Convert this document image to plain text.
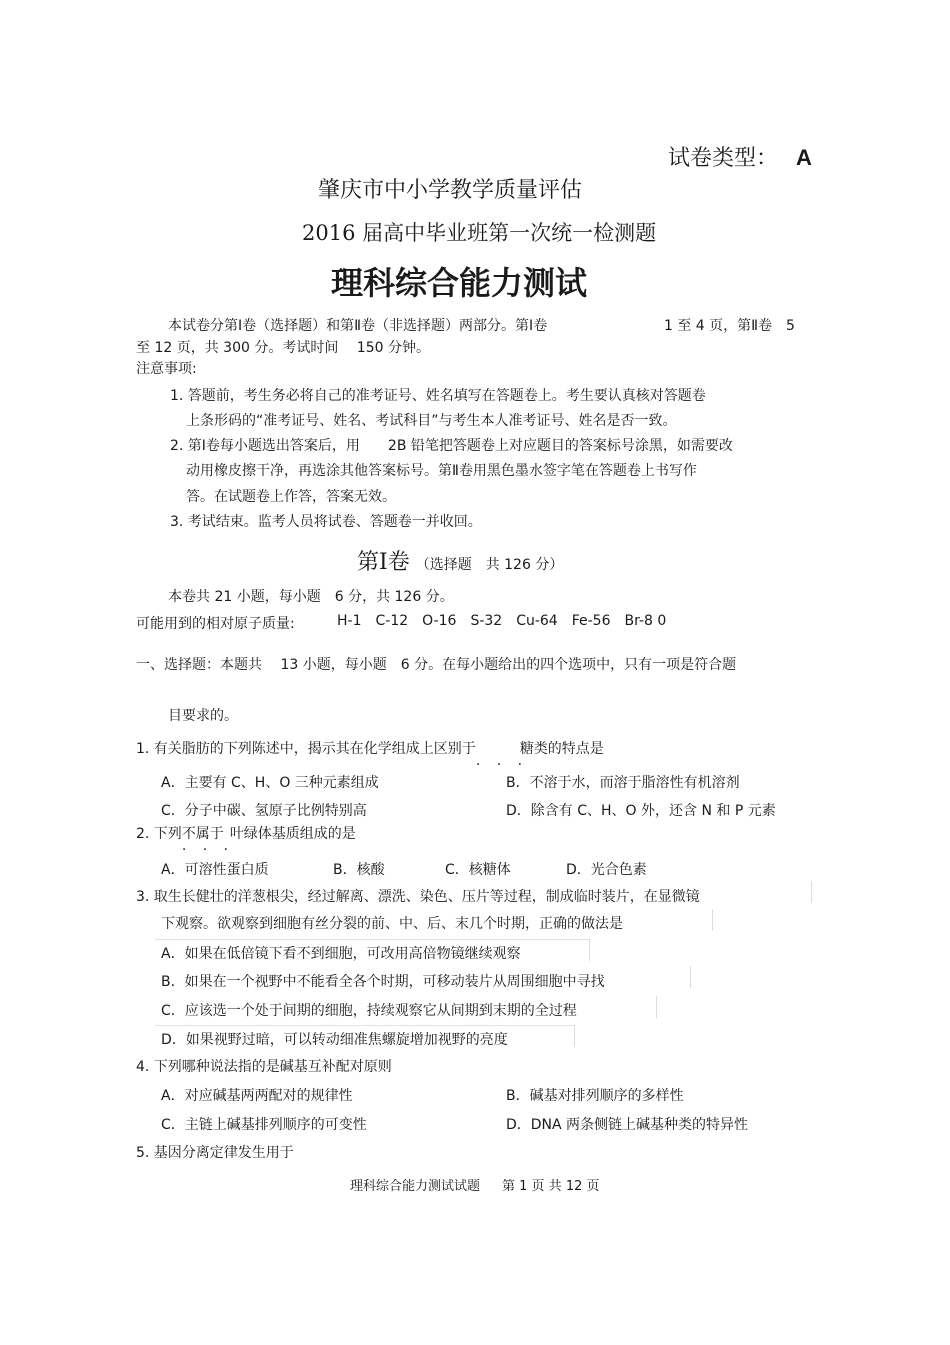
试卷类型： A
肇庆市中小学教学质量评估
2016 届高中毕业班第一次统一检测题
理科综合能力测试
本试卷分第Ⅰ卷（选择题）和第Ⅱ卷（非选择题）两部分。第Ⅰ卷	1 至 4 页，第Ⅱ卷　5
至 12 页，共 300 分。考试时间　 150 分钟。
注意事项:
1. 答题前，考生务必将自己的准考证号、姓名填写在答题卷上。考生要认真核对答题卷
上条形码的“准考证号、姓名、考试科目”与考生本人准考证号、姓名是否一致。
2. 第Ⅰ卷每小题选出答案后，用　　2B 铅笔把答题卷上对应题目的答案标号涂黑，如需要改
动用橡皮擦干净，再选涂其他答案标号。第Ⅱ卷用黑色墨水签字笔在答题卷上书写作
答。在试题卷上作答，答案无效。
3. 考试结束。监考人员将试卷、答题卷一并收回。
第Ⅰ卷 （选择题　共 126 分）
本卷共 21 小题，每小题　6 分，共 126 分。
可能用到的相对原子质量:	H-1 C-12 O-16 S-32 Cu-64 Fe-56 Br-8 0
一、选择题：本题共　 13 小题，每小题　6 分。在每小题给出的四个选项中，只有一项是符合题
目要求的。
1. 有关脂肪的下列陈述中，揭示其在化学组成上区别于
. . .
糖类的特点是
A．主要有 C、H、O 三种元素组成	B．不溶于水，而溶于脂溶性有机溶剂
C．分子中碳、氢原子比例特别高	D．除含有 C、H、O 外，还含 N 和 P 元素
2. 下列不属于
. . .
叶绿体基质组成的是
A．可溶性蛋白质	B．核酸	C．核糖体	D．光合色素
3. 取生长健壮的洋葱根尖，经过解离、漂洗、染色、压片等过程，制成临时装片，在显微镜
下观察。欲观察到细胞有丝分裂的前、中、后、末几个时期，正确的做法是
A．如果在低倍镜下看不到细胞，可改用高倍物镜继续观察
B．如果在一个视野中不能看全各个时期，可移动装片从周围细胞中寻找
C．应该选一个处于间期的细胞，持续观察它从间期到末期的全过程
D．如果视野过暗，可以转动细准焦螺旋增加视野的亮度
4. 下列哪种说法指的是碱基互补配对原则
A．对应碱基两两配对的规律性	B．碱基对排列顺序的多样性
C．主链上碱基排列顺序的可变性	D．DNA 两条侧链上碱基种类的特异性
5. 基因分离定律发生用于
理科综合能力测试试题 第 1 页 共 12 页
